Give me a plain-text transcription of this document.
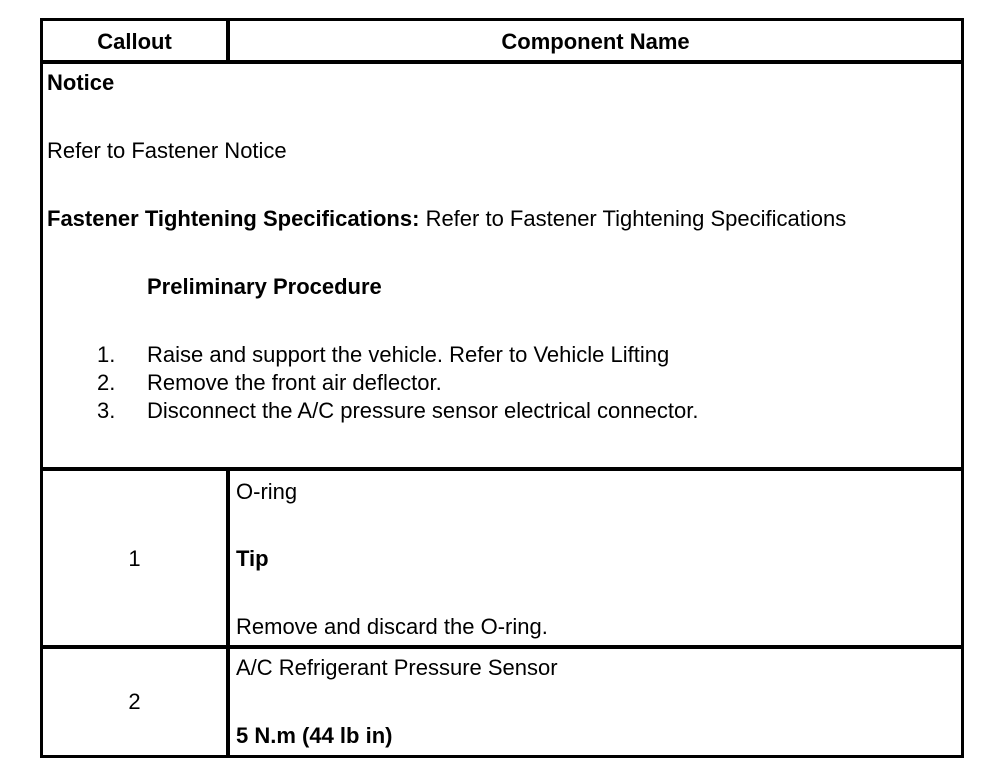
Callout	Component Name
Notice
Refer to Fastener Notice
Fastener Tightening Specifications: Refer to Fastener Tightening Specifications
Preliminary Procedure
1. Raise and support the vehicle. Refer to Vehicle Lifting
2. Remove the front air deflector.
3. Disconnect the A/C pressure sensor electrical connector.
1
O-ring
Tip
Remove and discard the O-ring.
2
A/C Refrigerant Pressure Sensor
5 N.m (44 lb in)
